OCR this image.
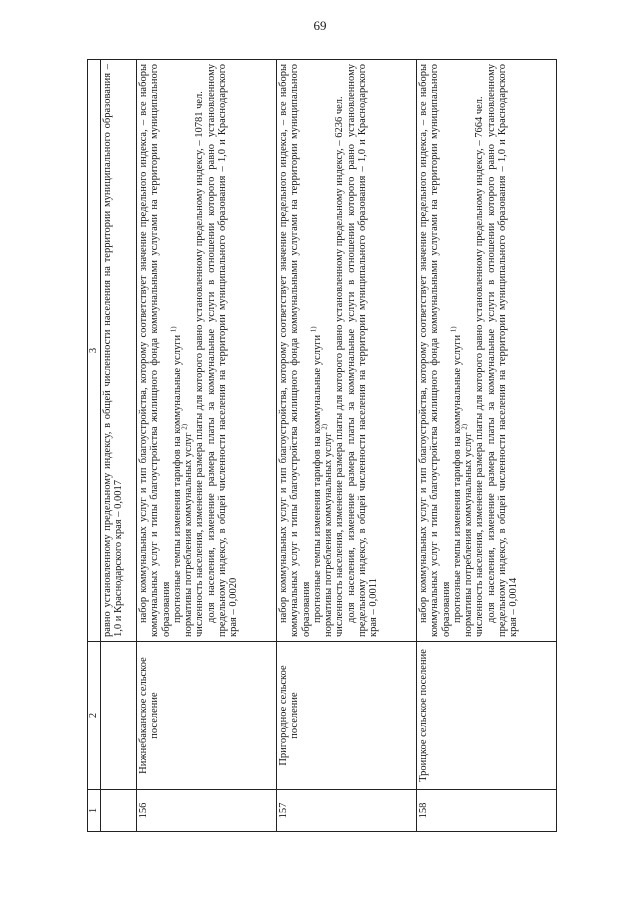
69
1	2	3

		равно установленному предельному индексу, в общей численности населения на территории муниципального образования – 1,0 и Краснодарского края – 0,0017

156	Нижнебаканское сельское поселение	набор коммунальных услуг и тип благоустройства, которому соответствует значение предельного индекса, – все наборы коммунальных услуг и типы благоустройства жилищного фонда коммунальными услугами на территории муниципального образования прогнозные темпы изменения тарифов на коммунальные услуги $^{1)}$
нормативы потребления коммунальных услуг $^{2)}$ численность населения, изменение размера платы для которого равно установленному предельному индексу, – 10781 чел. доля населения, изменение размера платы за коммунальные услуги в отношении которого равно установленному предельному индексу, в общей численности населения на территории муниципального образования – 1,0 и Краснодарского края – 0,0020

157	Пригородное сельское поселение	набор коммунальных услуг и тип благоустройства, которому соответствует значение предельного индекса, – все наборы коммунальных услуг и типы благоустройства жилищного фонда коммунальными услугами на территории муниципального образования прогнозные темпы изменения тарифов на коммунальные услуги $^{1)}$
нормативы потребления коммунальных услуг $^{2)}$ численность населения, изменение размера платы для которого равно установленному предельному индексу, – 6236 чел. доля населения, изменение размера платы за коммунальные услуги в отношении которого равно установленному предельному индексу, в общей численности населения на территории муниципального образования – 1,0 и Краснодарского края – 0,0011

158	Троицкое сельское поселение	набор коммунальных услуг и тип благоустройства, которому соответствует значение предельного индекса, – все наборы коммунальных услуг и типы благоустройства жилищного фонда коммунальными услугами на территории муниципального образования прогнозные темпы изменения тарифов на коммунальные услуги $^{1)}$
нормативы потребления коммунальных услуг $^{2)}$ численность населения, изменение размера платы для которого равно установленному предельному индексу, – 7664 чел. доля населения, изменение размера платы за коммунальные услуги в отношении которого равно установленному предельному индексу, в общей численности населения на территории муниципального образования – 1,0 и Краснодарского края – 0,0014
